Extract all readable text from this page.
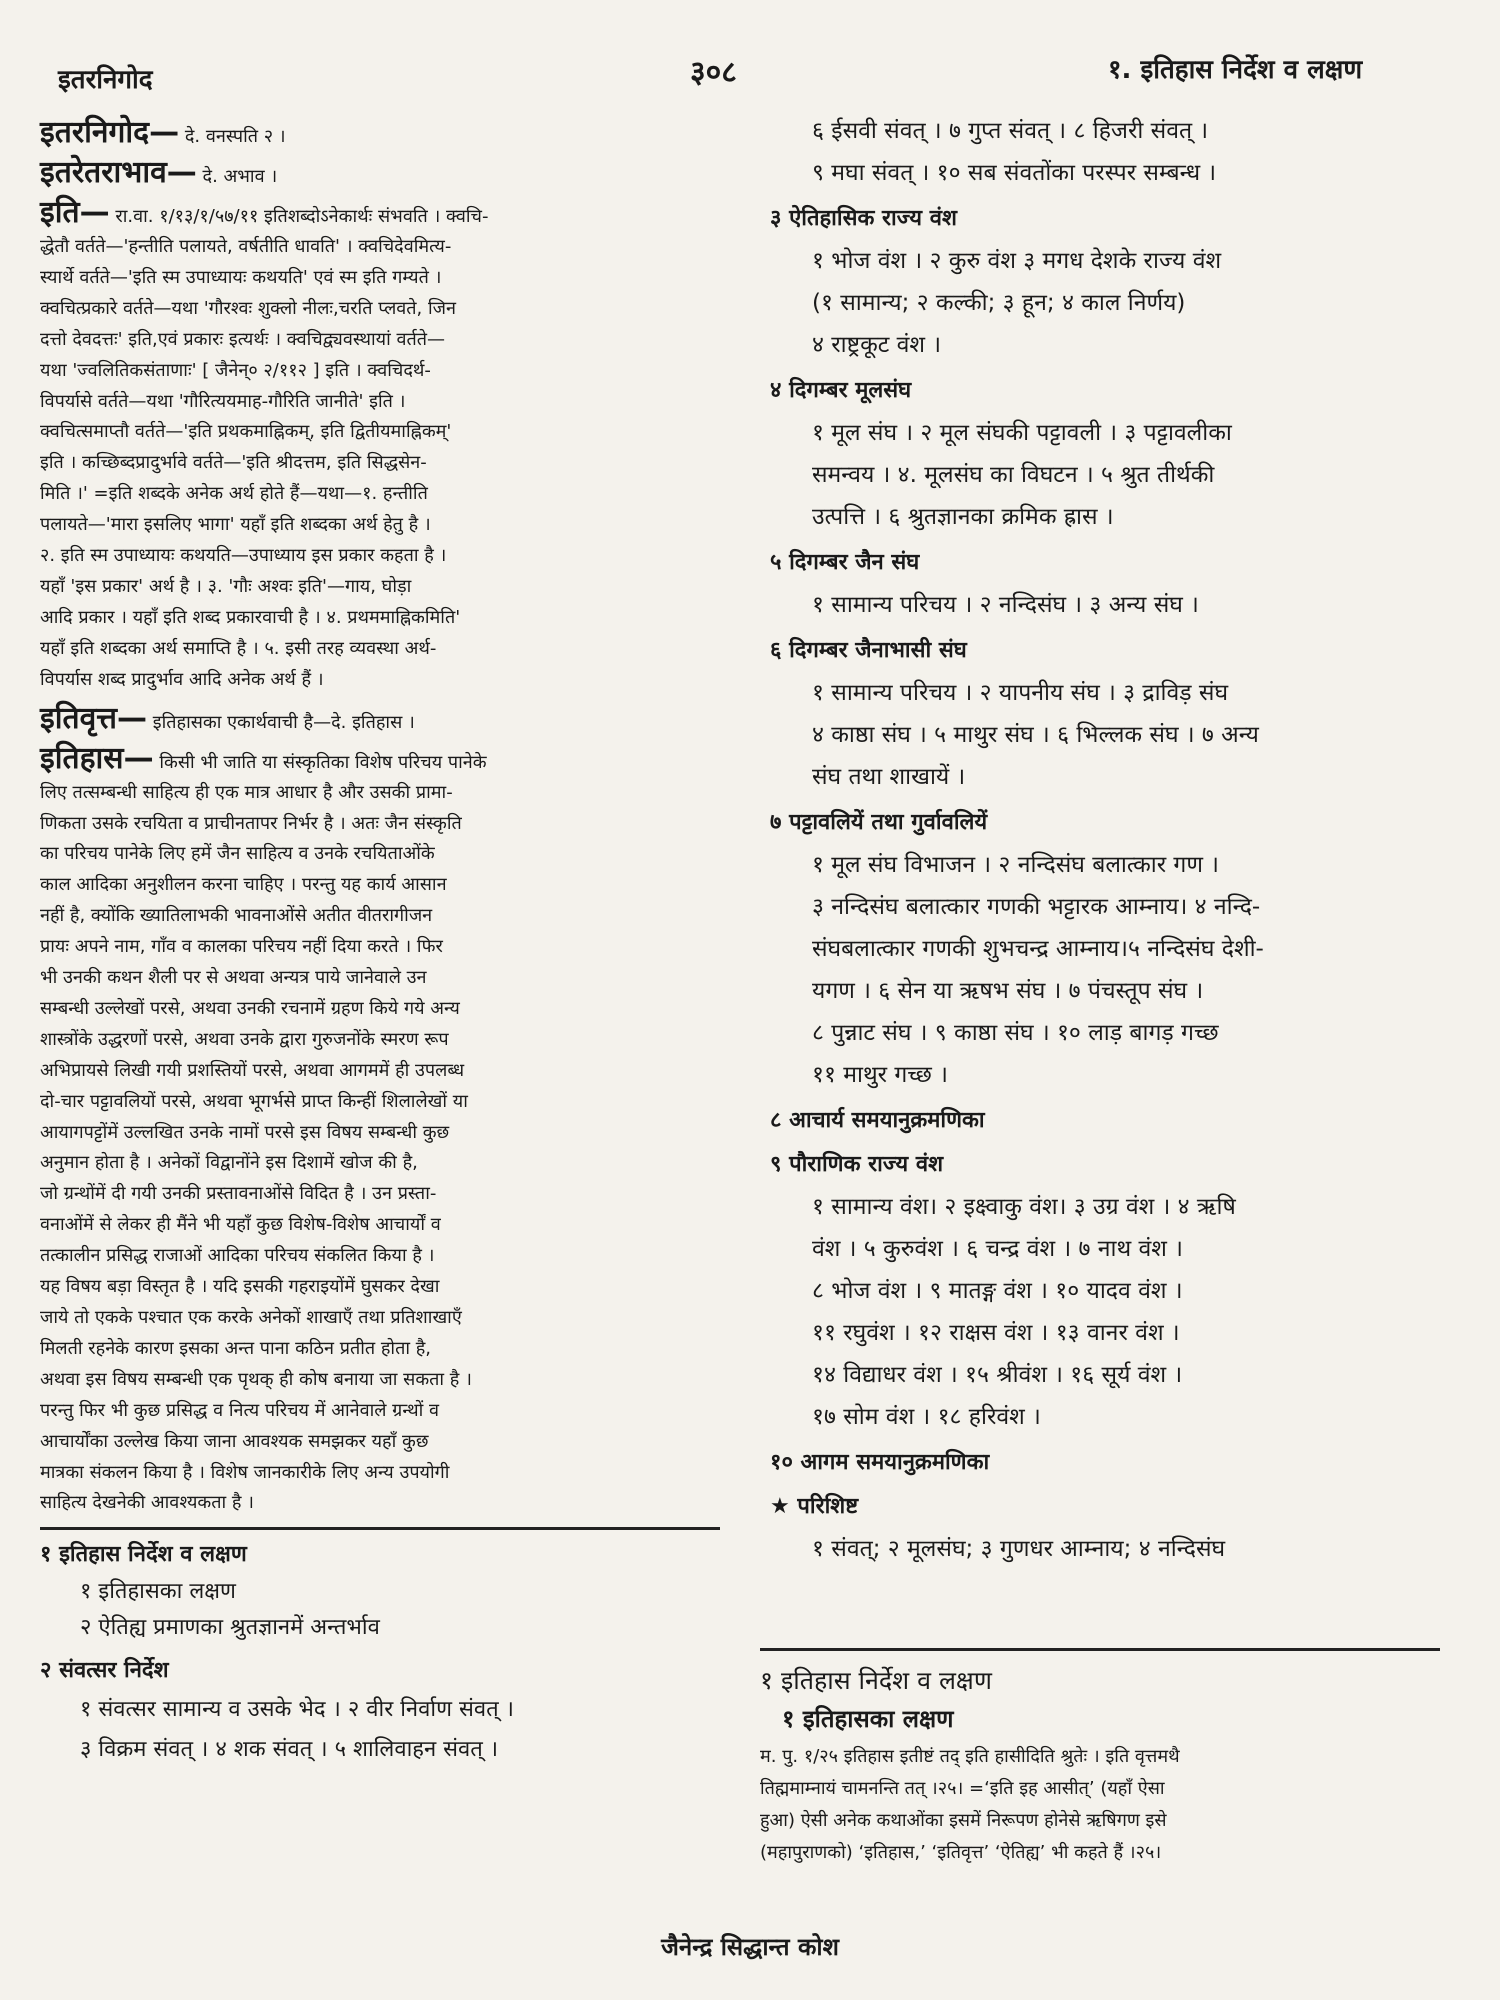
इतरनिगोद	३०८	१. इतिहास निर्देश व लक्षण
इतरनिगोद— दे. वनस्पति २ ।
इतरेतराभाव— दे. अभाव ।
इति— रा.वा. १/१३/१/५७/११ इतिशब्दोऽनेकार्थः संभवति । क्वचि-

द्धेतौ वर्तते—'हन्तीति पलायते, वर्षतीति धावति' । क्वचिदेवमित्य-
स्यार्थे वर्तते—'इति स्म उपाध्यायः कथयति' एवं स्म इति गम्यते ।
क्वचित्प्रकारे वर्तते—यथा 'गौरश्वः शुक्लो नीलः,चरति प्लवते, जिन
दत्तो देवदत्तः' इति,एवं प्रकारः इत्यर्थः । क्वचिद्व्यवस्थायां वर्तते—
यथा 'ज्वलितिकसंताणाः' [ जैनेन्० २/११२ ] इति । क्वचिदर्थ-
विपर्यासे वर्तते—यथा 'गौरित्ययमाह-गौरिति जानीते' इति ।
क्वचित्समाप्तौ वर्तते—'इति प्रथकमाह्निकम्, इति द्वितीयमाह्निकम्'
इति । कच्छिब्दप्रादुर्भावे वर्तते—'इति श्रीदत्तम, इति सिद्धसेन-
मिति ।' =इति शब्दके अनेक अर्थ होते हैं—यथा—१. हन्तीति
पलायते—'मारा इसलिए भागा' यहाँ इति शब्दका अर्थ हेतु है ।
२. इति स्म उपाध्यायः कथयति—उपाध्याय इस प्रकार कहता है ।
यहाँ 'इस प्रकार' अर्थ है । ३. 'गौः अश्वः इति'—गाय, घोड़ा
आदि प्रकार । यहाँ इति शब्द प्रकारवाची है । ४. प्रथममाह्निकमिति'
यहाँ इति शब्दका अर्थ समाप्ति है । ५. इसी तरह व्यवस्था अर्थ-
विपर्यास शब्द प्रादुर्भाव आदि अनेक अर्थ हैं ।

इतिवृत्त— इतिहासका एकार्थवाची है—दे. इतिहास ।
इतिहास— किसी भी जाति या संस्कृतिका विशेष परिचय पानेके

लिए तत्सम्बन्धी साहित्य ही एक मात्र आधार है और उसकी प्रामा-
णिकता उसके रचयिता व प्राचीनतापर निर्भर है । अतः जैन संस्कृति
का परिचय पानेके लिए हमें जैन साहित्य व उनके रचयिताओंके
काल आदिका अनुशीलन करना चाहिए । परन्तु यह कार्य आसान
नहीं है, क्योंकि ख्यातिलाभकी भावनाओंसे अतीत वीतरागीजन
प्रायः अपने नाम, गाँव व कालका परिचय नहीं दिया करते । फिर
भी उनकी कथन शैली पर से अथवा अन्यत्र पाये जानेवाले उन
सम्बन्धी उल्लेखों परसे, अथवा उनकी रचनामें ग्रहण किये गये अन्य
शास्त्रोंके उद्धरणों परसे, अथवा उनके द्वारा गुरुजनोंके स्मरण रूप
अभिप्रायसे लिखी गयी प्रशस्तियों परसे, अथवा आगममें ही उपलब्ध
दो-चार पट्टावलियों परसे, अथवा भूगर्भसे प्राप्त किन्हीं शिलालेखों या
आयागपट्टोंमें उल्लखित उनके नामों परसे इस विषय सम्बन्धी कुछ
अनुमान होता है । अनेकों विद्वानोंने इस दिशामें खोज की है,
जो ग्रन्थोंमें दी गयी उनकी प्रस्तावनाओंसे विदित है । उन प्रस्ता-
वनाओंमें से लेकर ही मैंने भी यहाँ कुछ विशेष-विशेष आचार्यों व
तत्कालीन प्रसिद्ध राजाओं आदिका परिचय संकलित किया है ।
यह विषय बड़ा विस्तृत है । यदि इसकी गहराइयोंमें घुसकर देखा
जाये तो एकके पश्चात एक करके अनेकों शाखाएँ तथा प्रतिशाखाएँ
मिलती रहनेके कारण इसका अन्त पाना कठिन प्रतीत होता है,
अथवा इस विषय सम्बन्धी एक पृथक् ही कोष बनाया जा सकता है ।
परन्तु फिर भी कुछ प्रसिद्ध व नित्य परिचय में आनेवाले ग्रन्थों व
आचार्योंका उल्लेख किया जाना आवश्यक समझकर यहाँ कुछ
मात्रका संकलन किया है । विशेष जानकारीके लिए अन्य उपयोगी
साहित्य देखनेकी आवश्यकता है ।

१ इतिहास निर्देश व लक्षण
१ इतिहासका लक्षण
२ ऐतिह्य प्रमाणका श्रुतज्ञानमें अन्तर्भाव
२ संवत्सर निर्देश
१ संवत्सर सामान्य व उसके भेद । २ वीर निर्वाण संवत् ।
३ विक्रम संवत् । ४ शक संवत् । ५ शालिवाहन संवत् ।
६ ईसवी संवत् । ७ गुप्त संवत् । ८ हिजरी संवत् ।
९ मघा संवत् । १० सब संवतोंका परस्पर सम्बन्ध ।
३ ऐतिहासिक राज्य वंश
१ भोज वंश । २ कुरु वंश ३ मगध देशके राज्य वंश
(१ सामान्य; २ कल्की; ३ हून; ४ काल निर्णय)
४ राष्ट्रकूट वंश ।
४ दिगम्बर मूलसंघ
१ मूल संघ । २ मूल संघकी पट्टावली । ३ पट्टावलीका
समन्वय । ४. मूलसंघ का विघटन । ५ श्रुत तीर्थकी
उत्पत्ति । ६ श्रुतज्ञानका क्रमिक ह्रास ।
५ दिगम्बर जैन संघ
१ सामान्य परिचय । २ नन्दिसंघ । ३ अन्य संघ ।
६ दिगम्बर जैनाभासी संघ
१ सामान्य परिचय । २ यापनीय संघ । ३ द्राविड़ संघ
४ काष्ठा संघ । ५ माथुर संघ । ६ भिल्लक संघ । ७ अन्य
संघ तथा शाखायें ।
७ पट्टावलियें तथा गुर्वावलियें
१ मूल संघ विभाजन । २ नन्दिसंघ बलात्कार गण ।
३ नन्दिसंघ बलात्कार गणकी भट्टारक आम्नाय। ४ नन्दि-
संघबलात्कार गणकी शुभचन्द्र आम्नाय।५ नन्दिसंघ देशी-
यगण । ६ सेन या ऋषभ संघ । ७ पंचस्तूप संघ ।
८ पुन्नाट संघ । ९ काष्ठा संघ । १० लाड़ बागड़ गच्छ
११ माथुर गच्छ ।
८ आचार्य समयानुक्रमणिका
९ पौराणिक राज्य वंश
१ सामान्य वंश। २ इक्ष्वाकु वंश। ३ उग्र वंश । ४ ऋषि
वंश । ५ कुरुवंश । ६ चन्द्र वंश । ७ नाथ वंश ।
८ भोज वंश । ९ मातङ्ग वंश । १० यादव वंश ।
११ रघुवंश । १२ राक्षस वंश । १३ वानर वंश ।
१४ विद्याधर वंश । १५ श्रीवंश । १६ सूर्य वंश ।
१७ सोम वंश । १८ हरिवंश ।
१० आगम समयानुक्रमणिका
★ परिशिष्ट
१ संवत्; २ मूलसंघ; ३ गुणधर आम्नाय; ४ नन्दिसंघ
१ इतिहास निर्देश व लक्षण
१ इतिहासका लक्षण

म. पु. १/२५ इतिहास इतीष्टं तद् इति हासीदिति श्रुतेः । इति वृत्तमथै
तिह्ममाम्नायं चामनन्ति तत् ।२५। =‘इति इह आसीत्’ (यहाँ ऐसा
हुआ) ऐसी अनेक कथाओंका इसमें निरूपण होनेसे ऋषिगण इसे
(महापुराणको) ‘इतिहास,’ ‘इतिवृत्त’ ‘ऐतिह्य’ भी कहते हैं ।२५।

जैनेन्द्र सिद्धान्त कोश
